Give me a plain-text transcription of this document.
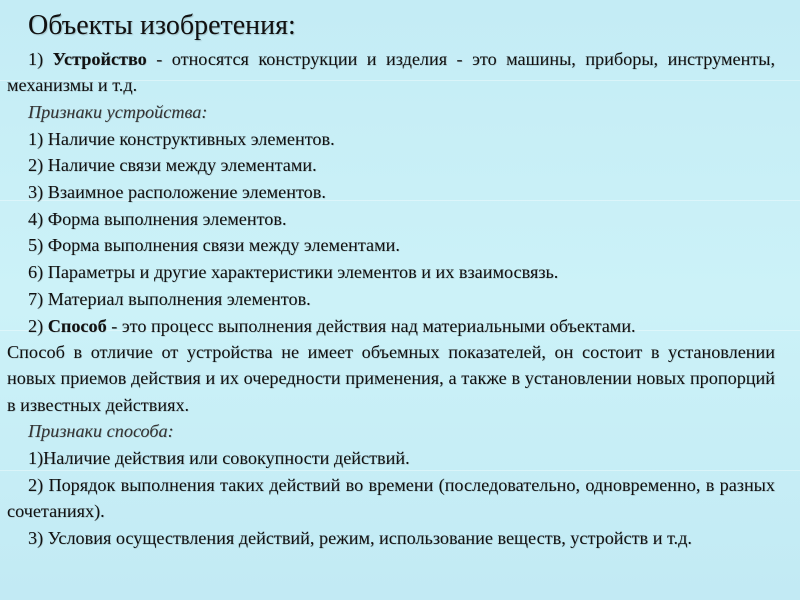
Объекты изобретения:

1) Устройство - относятся конструкции и изделия - это машины, приборы, инструменты, механизмы и т.д.

Признаки устройства:

1) Наличие конструктивных элементов.

2) Наличие связи между элементами.

3) Взаимное расположение элементов.

4) Форма выполнения элементов.

5) Форма выполнения связи между элементами.

6) Параметры и другие характеристики элементов и их взаимосвязь.

7) Материал выполнения элементов.

2) Способ - это процесс выполнения действия над материальными объектами.

Способ в отличие от устройства не имеет объемных показателей, он состоит в установлении новых приемов действия и их очередности применения, а также в установлении новых пропорций в известных действиях.

Признаки способа:

1)Наличие действия или совокупности действий.

2) Порядок выполнения таких действий во времени (последовательно, одновременно, в разных сочетаниях).

3) Условия осуществления действий, режим, использование веществ, устройств и т.д.
